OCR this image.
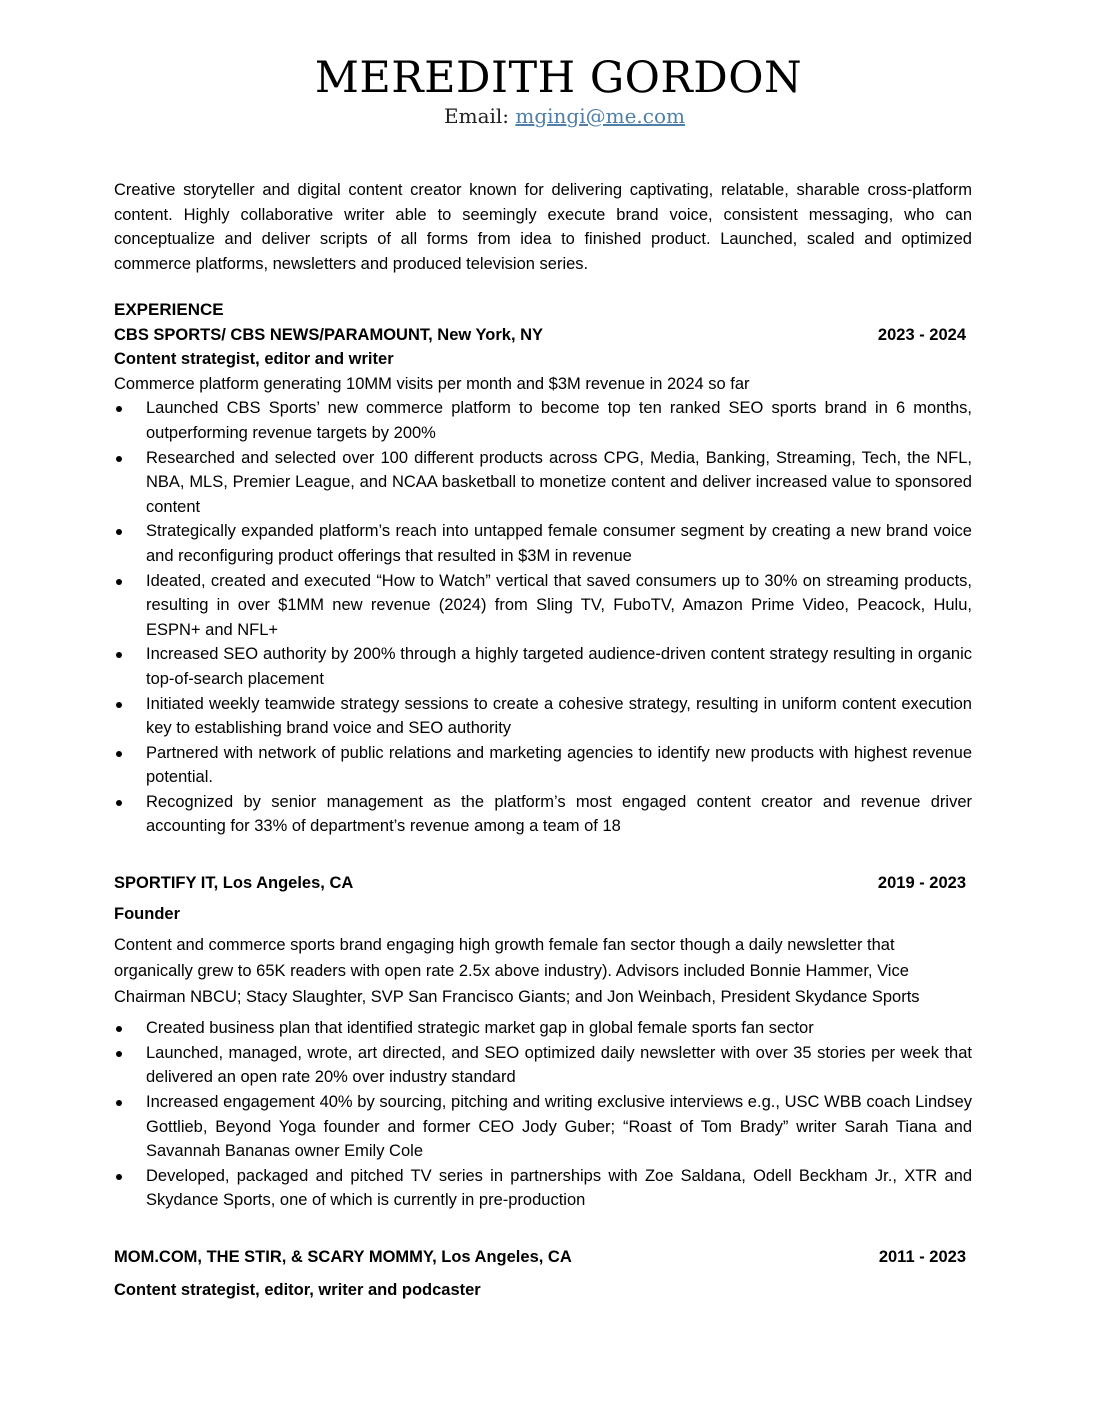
MEREDITH GORDON
Email: mgingi@me.com

Creative storyteller and digital content creator known for delivering captivating, relatable, sharable cross-platform content. Highly collaborative writer able to seemingly execute brand voice, consistent messaging, who can conceptualize and deliver scripts of all forms from idea to finished product. Launched, scaled and optimized commerce platforms, newsletters and produced television series.

EXPERIENCE
CBS SPORTS/ CBS NEWS/PARAMOUNT, New York, NY	2023 - 2024
Content strategist, editor and writer

Commerce platform generating 10MM visits per month and $3M revenue in 2024 so far

Launched CBS Sports’ new commerce platform to become top ten ranked SEO sports brand in 6 months, outperforming revenue targets by 200%
Researched and selected over 100 different products across CPG, Media, Banking, Streaming, Tech, the NFL, NBA, MLS, Premier League, and NCAA basketball to monetize content and deliver increased value to sponsored content
Strategically expanded platform’s reach into untapped female consumer segment by creating a new brand voice and reconfiguring product offerings that resulted in $3M in revenue
Ideated, created and executed “How to Watch” vertical that saved consumers up to 30% on streaming products, resulting in over $1MM new revenue (2024) from Sling TV, FuboTV, Amazon Prime Video, Peacock, Hulu, ESPN+ and NFL+
Increased SEO authority by 200% through a highly targeted audience-driven content strategy resulting in organic top-of-search placement
Initiated weekly teamwide strategy sessions to create a cohesive strategy, resulting in uniform content execution key to establishing brand voice and SEO authority
Partnered with network of public relations and marketing agencies to identify new products with highest revenue potential.
Recognized by senior management as the platform’s most engaged content creator and revenue driver accounting for 33% of department’s revenue among a team of 18
SPORTIFY IT, Los Angeles, CA	2019 - 2023
Founder

Content and commerce sports brand engaging high growth female fan sector though a daily newsletter that organically grew to 65K readers with open rate 2.5x above industry). Advisors included Bonnie Hammer, Vice Chairman NBCU; Stacy Slaughter, SVP San Francisco Giants; and Jon Weinbach, President Skydance Sports

Created business plan that identified strategic market gap in global female sports fan sector
Launched, managed, wrote, art directed, and SEO optimized daily newsletter with over 35 stories per week that delivered an open rate 20% over industry standard
Increased engagement 40% by sourcing, pitching and writing exclusive interviews e.g., USC WBB coach Lindsey Gottlieb, Beyond Yoga founder and former CEO Jody Guber; “Roast of Tom Brady” writer Sarah Tiana and Savannah Bananas owner Emily Cole
Developed, packaged and pitched TV series in partnerships with Zoe Saldana, Odell Beckham Jr., XTR and Skydance Sports, one of which is currently in pre-production
MOM.COM, THE STIR, & SCARY MOMMY, Los Angeles, CA	2011 - 2023
Content strategist, editor, writer and podcaster
